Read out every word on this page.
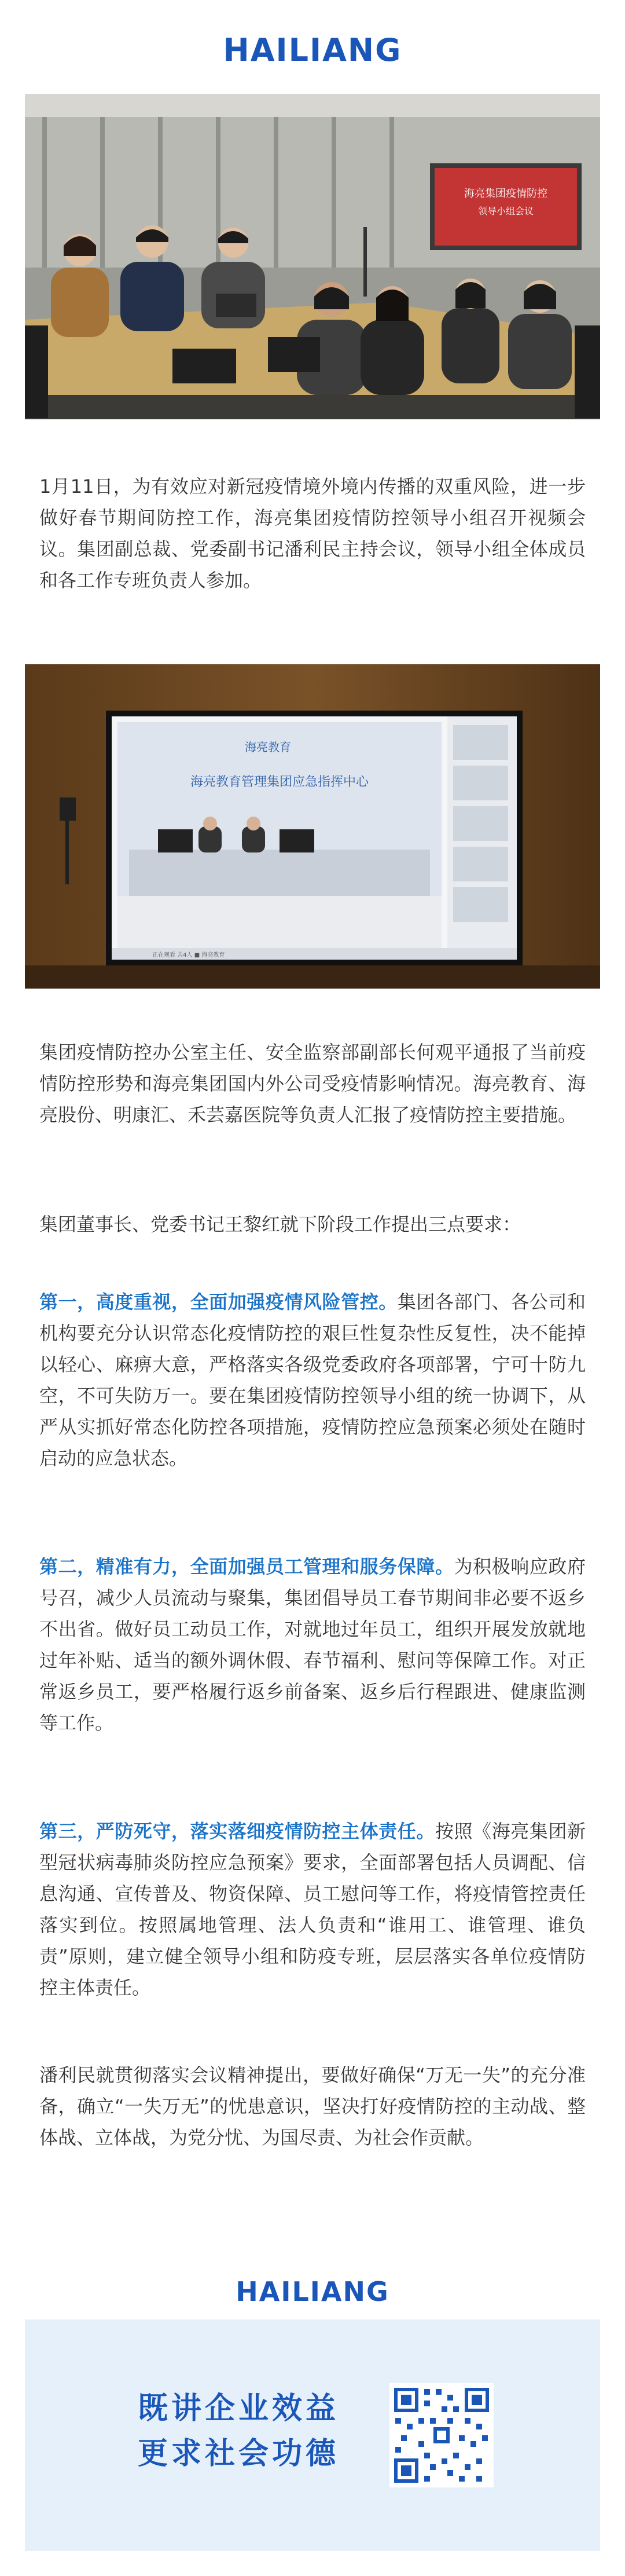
HAILIANG
海亮集团疫情防控
领导小组会议

1月11日，为有效应对新冠疫情境外境内传播的双重风险，进一步做好春节期间防控工作，海亮集团疫情防控领导小组召开视频会议。集团副总裁、党委副书记潘利民主持会议，领导小组全体成员和各工作专班负责人参加。

海亮教育
海亮教育管理集团应急指挥中心
正在观看 共4人 ■ 海亮教育

集团疫情防控办公室主任、安全监察部副部长何观平通报了当前疫情防控形势和海亮集团国内外公司受疫情影响情况。海亮教育、海亮股份、明康汇、禾芸嘉医院等负责人汇报了疫情防控主要措施。

集团董事长、党委书记王黎红就下阶段工作提出三点要求：

第一，高度重视，全面加强疫情风险管控。集团各部门、各公司和机构要充分认识常态化疫情防控的艰巨性复杂性反复性，决不能掉以轻心、麻痹大意，严格落实各级党委政府各项部署，宁可十防九空，不可失防万一。要在集团疫情防控领导小组的统一协调下，从严从实抓好常态化防控各项措施，疫情防控应急预案必须处在随时启动的应急状态。

第二，精准有力，全面加强员工管理和服务保障。为积极响应政府号召，减少人员流动与聚集，集团倡导员工春节期间非必要不返乡不出省。做好员工动员工作，对就地过年员工，组织开展发放就地过年补贴、适当的额外调休假、春节福利、慰问等保障工作。对正常返乡员工，要严格履行返乡前备案、返乡后行程跟进、健康监测等工作。

第三，严防死守，落实落细疫情防控主体责任。按照《海亮集团新型冠状病毒肺炎防控应急预案》要求，全面部署包括人员调配、信息沟通、宣传普及、物资保障、员工慰问等工作，将疫情管控责任落实到位。按照属地管理、法人负责和“谁用工、谁管理、谁负责”原则，建立健全领导小组和防疫专班，层层落实各单位疫情防控主体责任。

潘利民就贯彻落实会议精神提出，要做好确保“万无一失”的充分准备，确立“一失万无”的忧患意识，坚决打好疫情防控的主动战、整体战、立体战，为党分忧、为国尽责、为社会作贡献。

HAILIANG
既讲企业效益
更求社会功德
